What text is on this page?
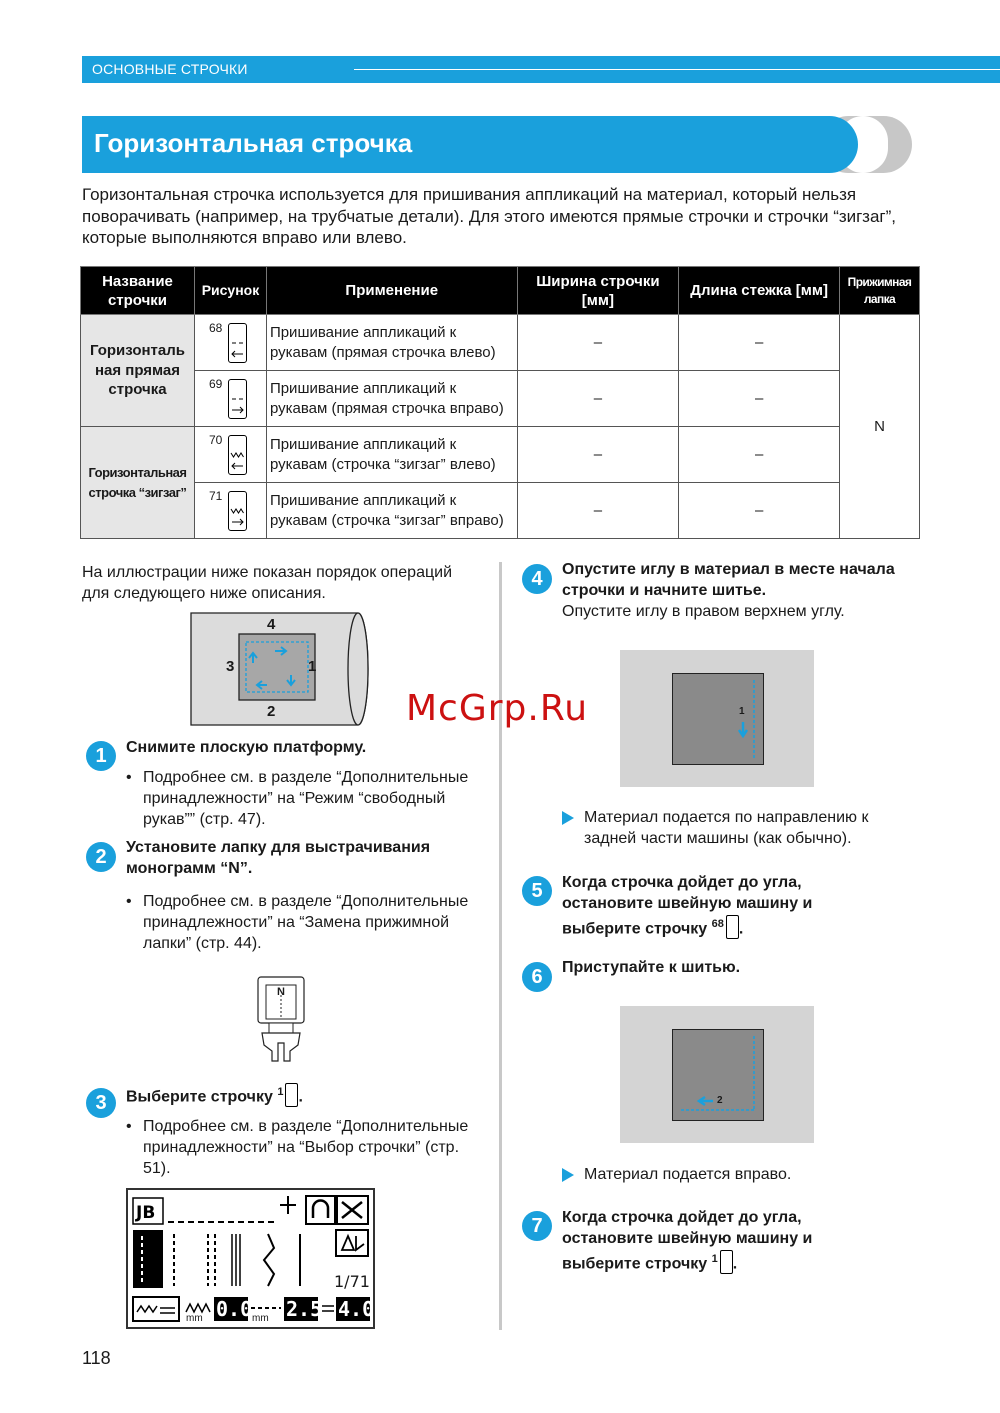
ОСНОВНЫЕ СТРОЧКИ
Горизонтальная строчка

Горизонтальная строчка используется для пришивания аппликаций на материал, который нельзя поворачивать (например, на трубчатые детали). Для этого имеются прямые строчки и строчки “зигзаг”, которые выполняются вправо или влево.

Название строчки	Рисунок	Применение	Ширина строчки [мм]	Длина стежка [мм]	Прижимная лапка
Горизонталь ная прямая строчка	68	Пришивание аппликаций к рукавам (прямая строчка влево)	–	–	N

	69	Пришивание аппликаций к рукавам (прямая строчка вправо)	–	–	
Горизонтальная строчка “зигзаг”	70	Пришивание аппликаций к рукавам (строчка “зигзаг” влево)	–	–	

	71	Пришивание аппликаций к рукавам (строчка “зигзаг” вправо)	–	–	

На иллюстрации ниже показан порядок операций для следующего ниже описания.

4
1
2
3
1	Снимите плоскую платформу.

• Подробнее см. в разделе “Дополнительные принадлежности” на “Режим “свободный рукав”” (стр. 47).
2	Установите лапку для выстрачивания монограмм “N”.

• Подробнее см. в разделе “Дополнительные принадлежности” на “Замена прижимной лапки” (стр. 44).
N
3	Выберите строчку $^1$ .

• Подробнее см. в разделе “Дополнительные принадлежности” на “Выбор строчки” (стр. 51).
JB
1/71
0.0 2.5 4.0
mm	mm
4	Опустите иглу в материал в месте начала строчки и начните шитье.

Опустите иглу в правом верхнем углу.

1
Материал подается по направлению к задней части машины (как обычно).
5	Когда строчка дойдет до угла, остановите швейную машину и выберите строчку $^{68}$ .

6	Приступайте к шитью.

2
Материал подается вправо.
7	Когда строчка дойдет до угла, остановите швейную машину и выберите строчку $^1$ .

McGrp.Ru
118
